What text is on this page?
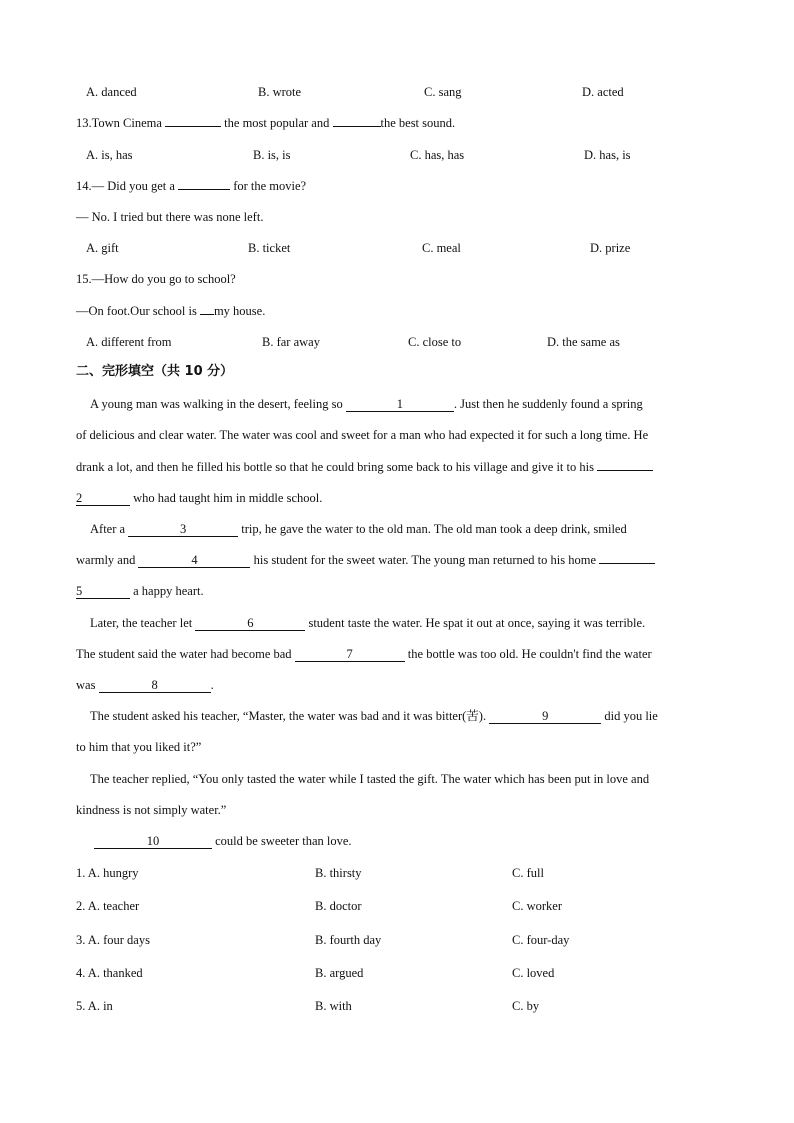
A. danced	B. wrote	C. sang	D. acted
13.Town Cinema	the most popular and	the best sound.
A. is, has	B. is, is	C. has, has	D. has, is
14.— Did you get a	for the movie?
— No. I tried but there was none left.
A. gift	B. ticket	C. meal	D. prize
15.—How do you go to school?
—On foot.Our school is my house.
A. different from	B. far away	C. close to	D. the same as
二、完形填空（共 10 分）
A young man was walking in the desert, feeling so	1	. Just then he suddenly found a spring
of delicious and clear water. The water was cool and sweet for a man who had expected it for such a long time. He
drank a lot, and then he filled his bottle so that he could bring some back to his village and give it to his
2	who had taught him in middle school.
After a	3	trip, he gave the water to the old man. The old man took a deep drink, smiled
warmly and	4	his student for the sweet water. The young man returned to his home
5	a happy heart.
Later, the teacher let	6	student taste the water. He spat it out at once, saying it was terrible.
The student said the water had become bad	7	the bottle was too old. He couldn't find the water
was	8	.
The student asked his teacher, “Master, the water was bad and it was bitter(苦).	9	did you lie
to him that you liked it?”
The teacher replied, “You only tasted the water while I tasted the gift. The water which has been put in love and
kindness is not simply water.”
10	could be sweeter than love.
1. A. hungry	B. thirsty	C. full
2. A. teacher	B. doctor	C. worker
3. A. four days	B. fourth day	C. four-day
4. A. thanked	B. argued	C. loved
5. A. in	B. with	C. by
